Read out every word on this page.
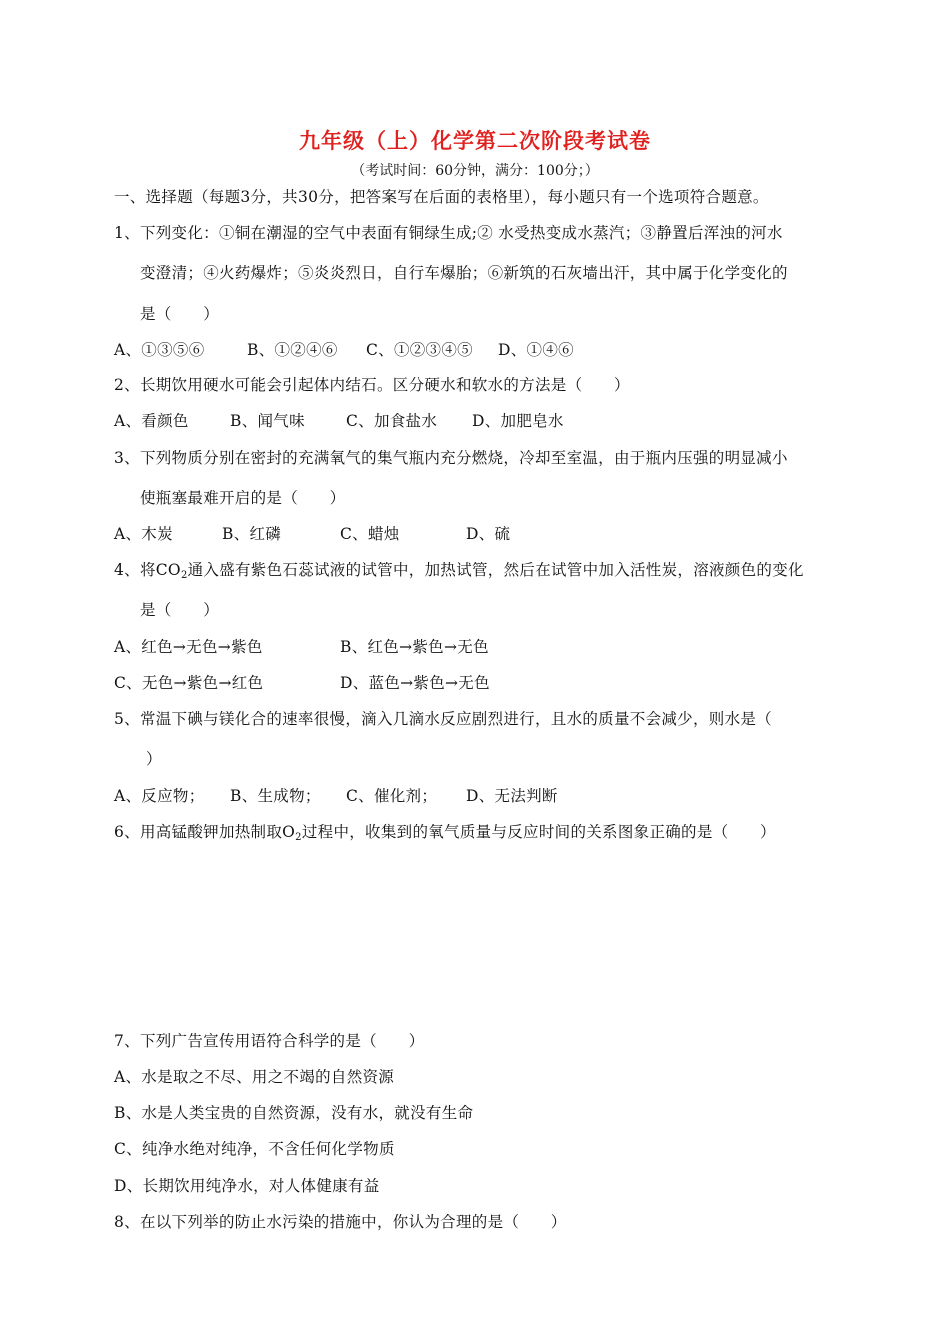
九年级（上）化学第二次阶段考试卷
（考试时间：60分钟，满分：100分；）
一、选择题（每题3分，共30分，把答案写在后面的表格里），每小题只有一个选项符合题意。
1、下列变化：①铜在潮湿的空气中表面有铜绿生成;② 水受热变成水蒸汽；③静置后浑浊的河水
变澄清；④火药爆炸；⑤炎炎烈日，自行车爆胎；⑥新筑的石灰墙出汗，其中属于化学变化的
是（　　）
A、①③⑤⑥	B、①②④⑥ C、①②③④⑤ D、①④⑥
2、长期饮用硬水可能会引起体内结石。区分硬水和软水的方法是（　　）
A、看颜色	B、闻气味	C、加食盐水 D、加肥皂水
3、下列物质分别在密封的充满氧气的集气瓶内充分燃烧，冷却至室温，由于瓶内压强的明显减小
使瓶塞最难开启的是（　　）
A、木炭	B、红磷	C、蜡烛	D、硫
4、将$CO_2$通入盛有紫色石蕊试液的试管中，加热试管，然后在试管中加入活性炭，溶液颜色的变化
是（　　）
A、红色→无色→紫色	B、红色→紫色→无色
C、无色→紫色→红色	D、蓝色→紫色→无色
5、常温下碘与镁化合的速率很慢，滴入几滴水反应剧烈进行，且水的质量不会减少，则水是（
）
A、反应物； B、生成物； C、催化剂； D、无法判断
6、用高锰酸钾加热制取$O_2$过程中，收集到的氧气质量与反应时间的关系图象正确的是（　　）
7、下列广告宣传用语符合科学的是（　　）
A、水是取之不尽、用之不竭的自然资源
B、水是人类宝贵的自然资源，没有水，就没有生命
C、纯净水绝对纯净，不含任何化学物质
D、长期饮用纯净水，对人体健康有益
8、在以下列举的防止水污染的措施中，你认为合理的是（　　）
